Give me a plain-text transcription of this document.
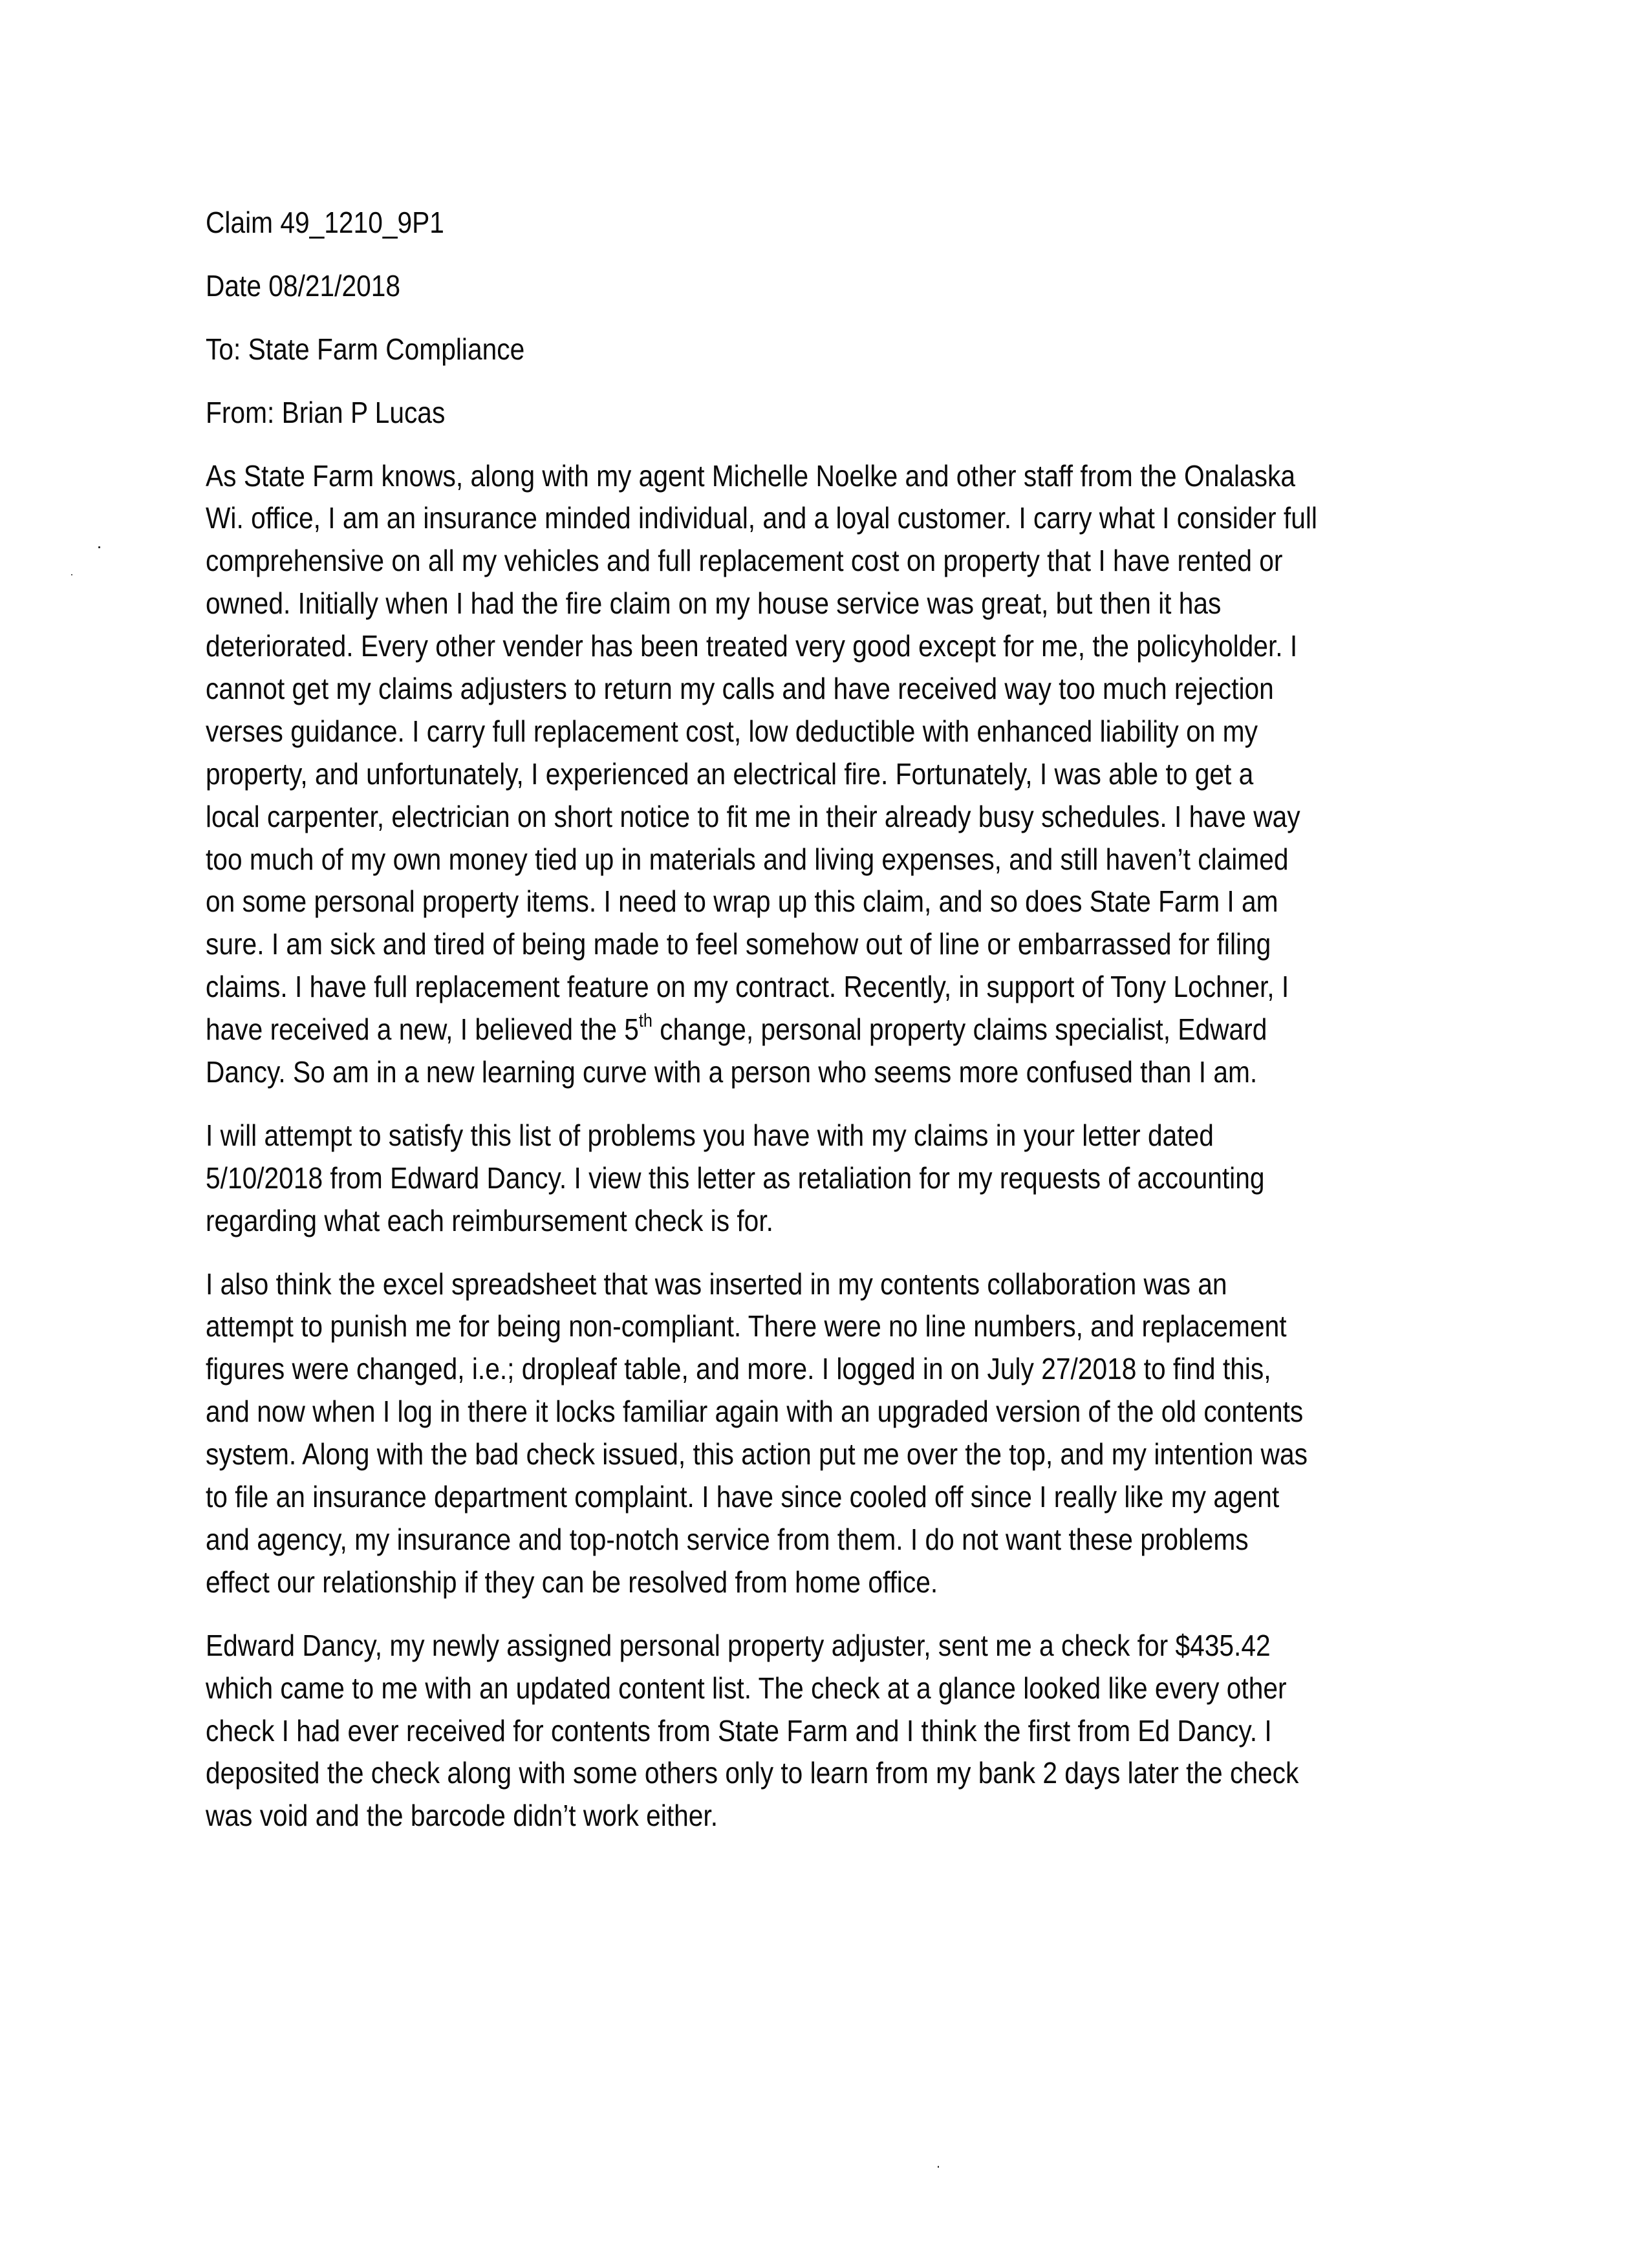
Claim 49_1210_9P1

Date 08/21/2018

To: State Farm Compliance

From: Brian P Lucas

As State Farm knows, along with my agent Michelle Noelke and other staff from the Onalaska
Wi. office, I am an insurance minded individual, and a loyal customer. I carry what I consider full
comprehensive on all my vehicles and full replacement cost on property that I have rented or
owned. Initially when I had the fire claim on my house service was great, but then it has
deteriorated. Every other vender has been treated very good except for me, the policyholder. I
cannot get my claims adjusters to return my calls and have received way too much rejection
verses guidance. I carry full replacement cost, low deductible with enhanced liability on my
property, and unfortunately, I experienced an electrical fire. Fortunately, I was able to get a
local carpenter, electrician on short notice to fit me in their already busy schedules. I have way
too much of my own money tied up in materials and living expenses, and still haven’t claimed
on some personal property items. I need to wrap up this claim, and so does State Farm I am
sure. I am sick and tired of being made to feel somehow out of line or embarrassed for filing
claims. I have full replacement feature on my contract. Recently, in support of Tony Lochner, I
have received a new, I believed the 5th change, personal property claims specialist, Edward
Dancy. So am in a new learning curve with a person who seems more confused than I am.

I will attempt to satisfy this list of problems you have with my claims in your letter dated
5/10/2018 from Edward Dancy. I view this letter as retaliation for my requests of accounting
regarding what each reimbursement check is for.

I also think the excel spreadsheet that was inserted in my contents collaboration was an
attempt to punish me for being non-compliant. There were no line numbers, and replacement
figures were changed, i.e.; dropleaf table, and more. I logged in on July 27/2018 to find this,
and now when I log in there it locks familiar again with an upgraded version of the old contents
system. Along with the bad check issued, this action put me over the top, and my intention was
to file an insurance department complaint. I have since cooled off since I really like my agent
and agency, my insurance and top-notch service from them. I do not want these problems
effect our relationship if they can be resolved from home office.

Edward Dancy, my newly assigned personal property adjuster, sent me a check for $435.42
which came to me with an updated content list. The check at a glance looked like every other
check I had ever received for contents from State Farm and I think the first from Ed Dancy. I
deposited the check along with some others only to learn from my bank 2 days later the check
was void and the barcode didn’t work either.
